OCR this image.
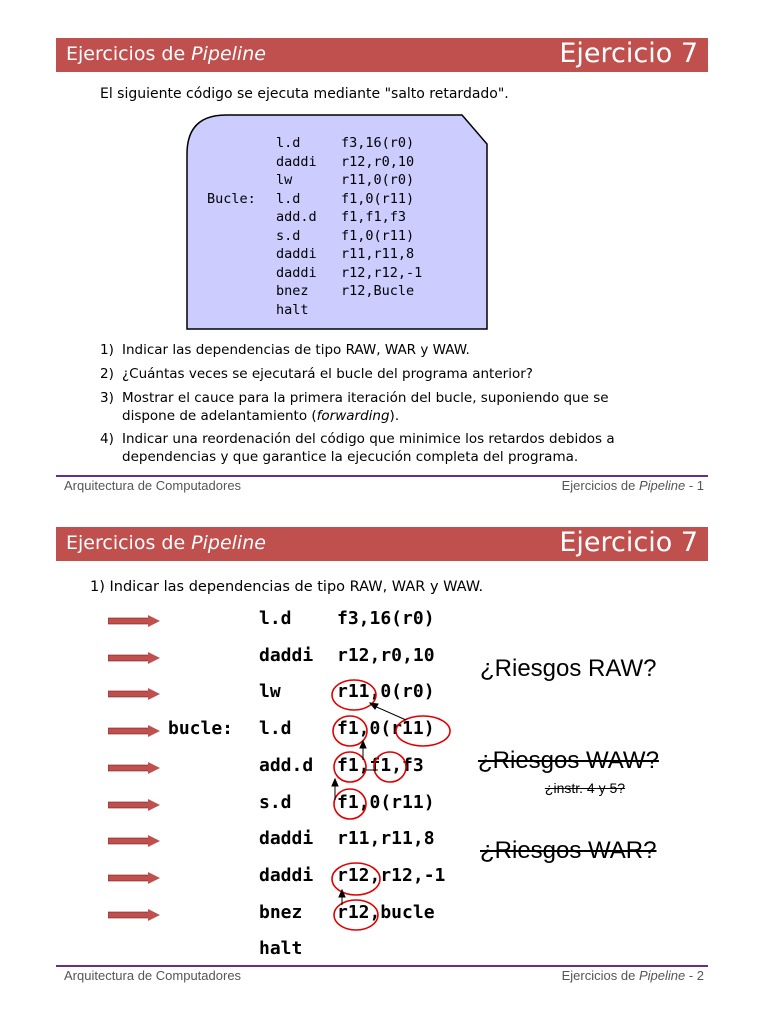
Ejercicios de Pipeline	Ejercicio 7
El siguiente código se ejecuta mediante "salto retardado".
l.d	f3,16(r0)
daddi r12,r0,10
lw	r11,0(r0)
Bucle: l.d	f1,0(r11)
add.d f1,f1,f3
s.d	f1,0(r11)
daddi r11,r11,8
daddi r12,r12,-1
bnez r12,Bucle
halt
1) Indicar las dependencias de tipo RAW, WAR y WAW.

2) ¿Cuántas veces se ejecutará el bucle del programa anterior?

3) Mostrar el cauce para la primera iteración del bucle, suponiendo que se
dispone de adelantamiento (forwarding).
4) Indicar una reordenación del código que minimice los retardos debidos a
dependencias y que garantice la ejecución completa del programa.
Arquitectura de Computadores	Ejercicios de Pipeline - 1
Ejercicios de Pipeline	Ejercicio 7
1) Indicar las dependencias de tipo RAW, WAR y WAW.
l.d	f3,16(r0)
daddi r12,r0,10
lw	r11,0(r0)
bucle: l.d	f1,0(r11)
add.d f1,f1,f3
s.d	f1,0(r11)
daddi r11,r11,8
daddi r12,r12,-1
bnez r12,bucle
halt
¿Riesgos RAW?
¿Riesgos WAW?
¿instr. 4 y 5?
¿Riesgos WAR?
Arquitectura de Computadores	Ejercicios de Pipeline - 2
